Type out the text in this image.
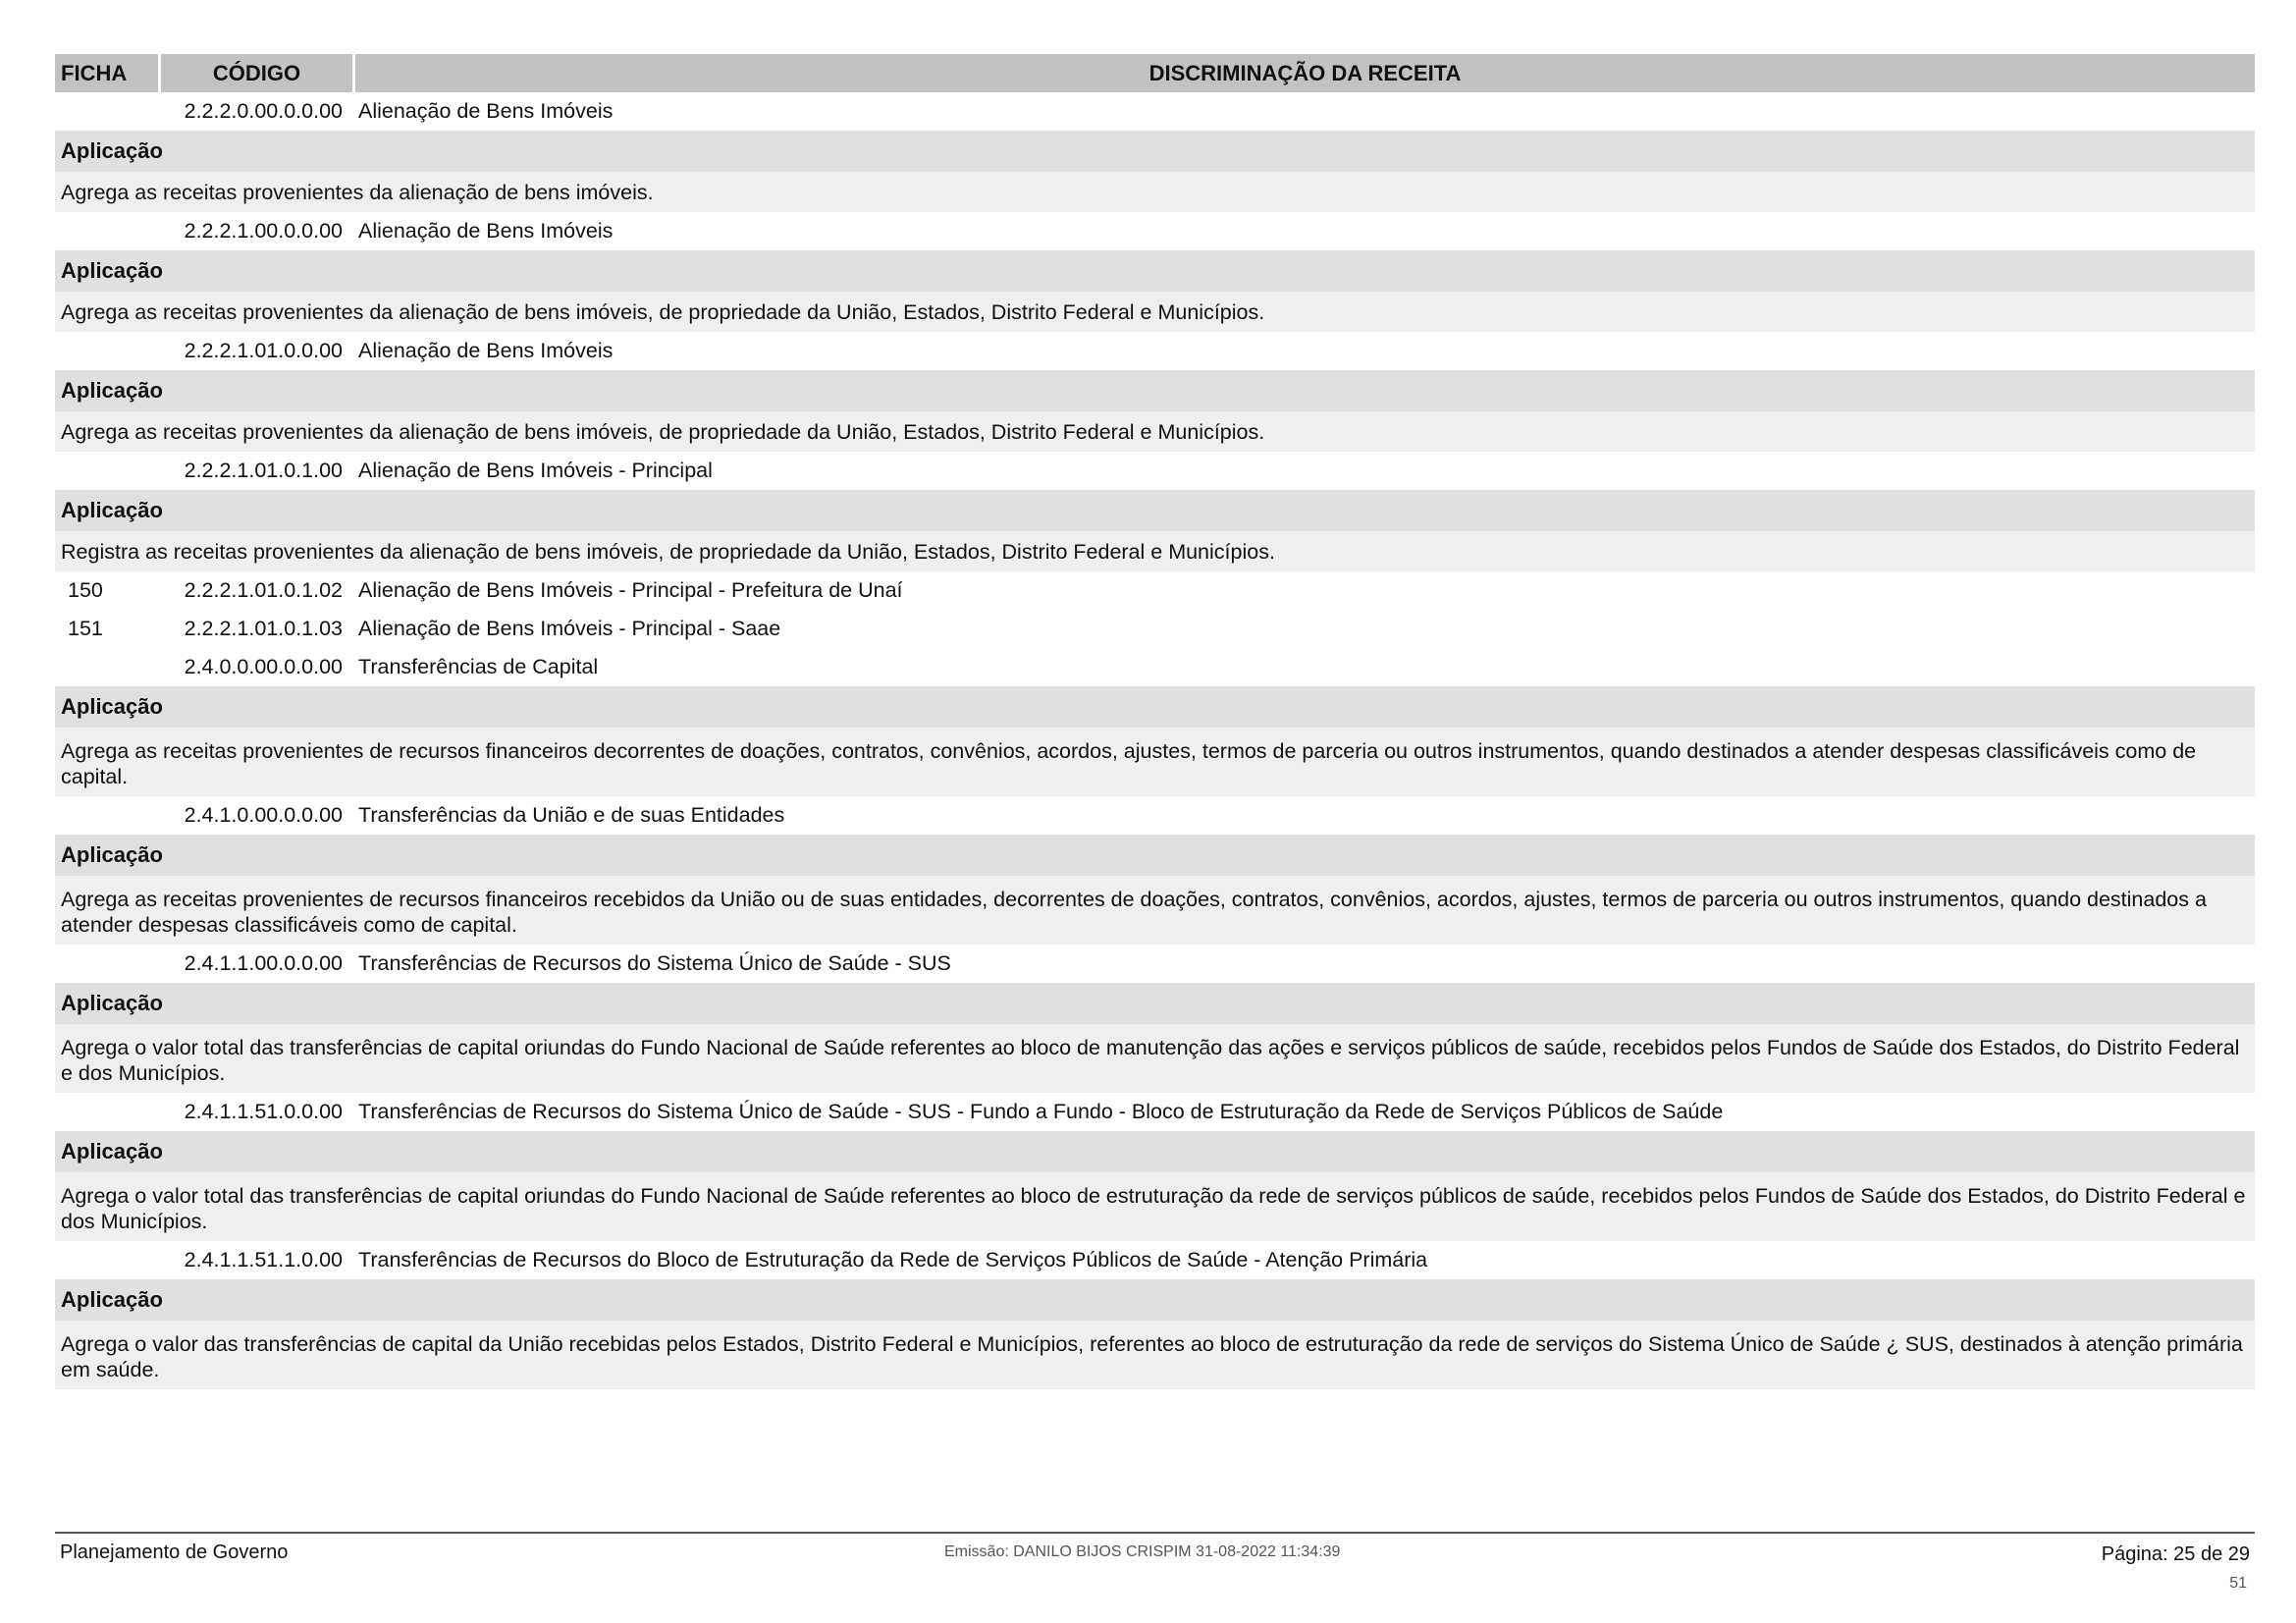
FICHA	CÓDIGO	DISCRIMINAÇÃO DA RECEITA
2.2.2.0.00.0.0.00 Alienação de Bens Imóveis
Aplicação
Agrega as receitas provenientes da alienação de bens imóveis.
2.2.2.1.00.0.0.00 Alienação de Bens Imóveis
Aplicação
Agrega as receitas provenientes da alienação de bens imóveis, de propriedade da União, Estados, Distrito Federal e Municípios.
2.2.2.1.01.0.0.00 Alienação de Bens Imóveis
Aplicação
Agrega as receitas provenientes da alienação de bens imóveis, de propriedade da União, Estados, Distrito Federal e Municípios.
2.2.2.1.01.0.1.00 Alienação de Bens Imóveis - Principal
Aplicação
Registra as receitas provenientes da alienação de bens imóveis, de propriedade da União, Estados, Distrito Federal e Municípios.
150	2.2.2.1.01.0.1.02 Alienação de Bens Imóveis - Principal - Prefeitura de Unaí
151	2.2.2.1.01.0.1.03 Alienação de Bens Imóveis - Principal - Saae
2.4.0.0.00.0.0.00 Transferências de Capital
Aplicação
Agrega as receitas provenientes de recursos financeiros decorrentes de doações, contratos, convênios, acordos, ajustes, termos de parceria ou outros instrumentos, quando destinados a atender despesas classificáveis como de capital.
2.4.1.0.00.0.0.00 Transferências da União e de suas Entidades
Aplicação
Agrega as receitas provenientes de recursos financeiros recebidos da União ou de suas entidades, decorrentes de doações, contratos, convênios, acordos, ajustes, termos de parceria ou outros instrumentos, quando destinados a atender despesas classificáveis como de capital.
2.4.1.1.00.0.0.00 Transferências de Recursos do Sistema Único de Saúde - SUS
Aplicação
Agrega o valor total das transferências de capital oriundas do Fundo Nacional de Saúde referentes ao bloco de manutenção das ações e serviços públicos de saúde, recebidos pelos Fundos de Saúde dos Estados, do Distrito Federal e dos Municípios.
2.4.1.1.51.0.0.00 Transferências de Recursos do Sistema Único de Saúde - SUS - Fundo a Fundo - Bloco de Estruturação da Rede de Serviços Públicos de Saúde
Aplicação
Agrega o valor total das transferências de capital oriundas do Fundo Nacional de Saúde referentes ao bloco de estruturação da rede de serviços públicos de saúde, recebidos pelos Fundos de Saúde dos Estados, do Distrito Federal e dos Municípios.
2.4.1.1.51.1.0.00 Transferências de Recursos do Bloco de Estruturação da Rede de Serviços Públicos de Saúde - Atenção Primária
Aplicação
Agrega o valor das transferências de capital da União recebidas pelos Estados, Distrito Federal e Municípios, referentes ao bloco de estruturação da rede de serviços do Sistema Único de Saúde ¿ SUS, destinados à atenção primária em saúde.
Planejamento de Governo	Emissão: DANILO BIJOS CRISPIM 31-08-2022 11:34:39	Página: 25 de 29
51
